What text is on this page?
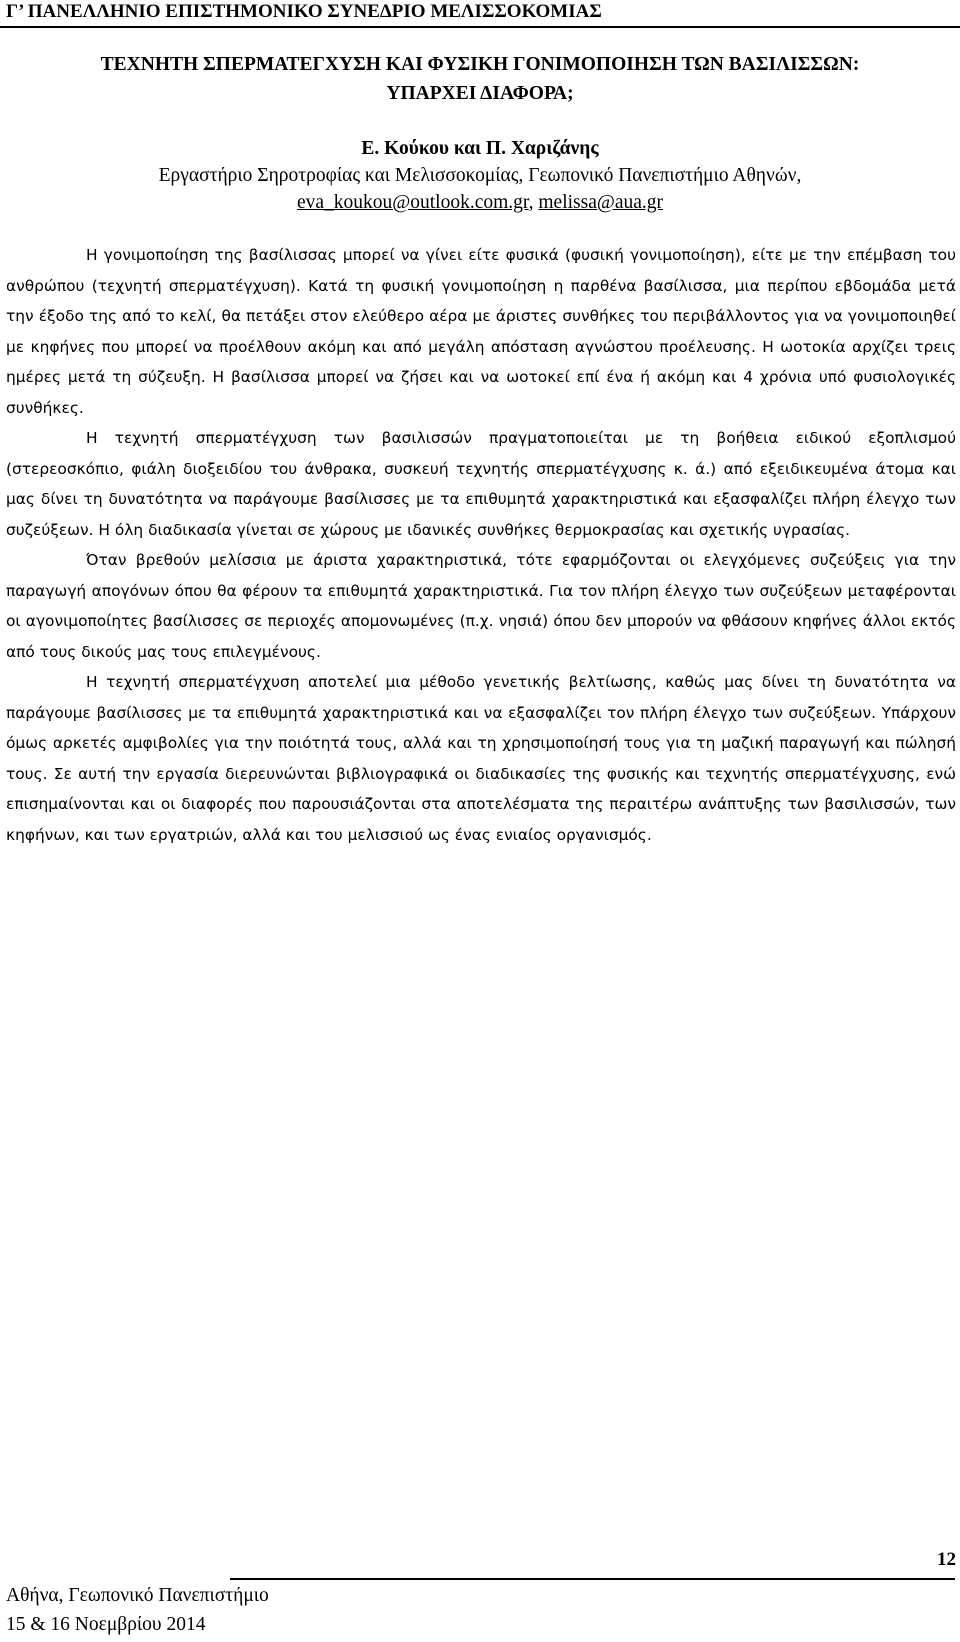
Γ’ ΠΑΝΕΛΛΗΝΙΟ ΕΠΙΣΤΗΜΟΝΙΚΟ ΣΥΝΕΔΡΙΟ ΜΕΛΙΣΣΟΚΟΜΙΑΣ
ΤΕΧΝΗΤΗ ΣΠΕΡΜΑΤΕΓΧΥΣΗ ΚΑΙ ΦΥΣΙΚΗ ΓΟΝΙΜΟΠΟΙΗΣΗ ΤΩΝ ΒΑΣΙΛΙΣΣΩΝ:
ΥΠΑΡΧΕΙ ΔΙΑΦΟΡΑ;
Ε. Κούκου και Π. Χαριζάνης
Εργαστήριο Σηροτροφίας και Μελισσοκομίας, Γεωπονικό Πανεπιστήμιο Αθηνών,
eva_koukou@outlook.com.gr, melissa@aua.gr

Η γονιμοποίηση της βασίλισσας μπορεί να γίνει είτε φυσικά (φυσική γονιμοποίηση), είτε με την επέμβαση του ανθρώπου (τεχνητή σπερματέγχυση). Κατά τη φυσική γονιμοποίηση η παρθένα βασίλισσα, μια περίπου εβδομάδα μετά την έξοδο της από το κελί, θα πετάξει στον ελεύθερο αέρα με άριστες συνθήκες του περιβάλλοντος για να γονιμοποιηθεί με κηφήνες που μπορεί να προέλθουν ακόμη και από μεγάλη απόσταση αγνώστου προέλευσης. Η ωοτοκία αρχίζει τρεις ημέρες μετά τη σύζευξη. Η βασίλισσα μπορεί να ζήσει και να ωοτοκεί επί ένα ή ακόμη και 4 χρόνια υπό φυσιολογικές συνθήκες.

Η τεχνητή σπερματέγχυση των βασιλισσών πραγματοποιείται με τη βοήθεια ειδικού εξοπλισμού (στερεοσκόπιο, φιάλη διοξειδίου του άνθρακα, συσκευή τεχνητής σπερματέγχυσης κ. ά.) από εξειδικευμένα άτομα και μας δίνει τη δυνατότητα να παράγουμε βασίλισσες με τα επιθυμητά χαρακτηριστικά και εξασφαλίζει πλήρη έλεγχο των συζεύξεων. Η όλη διαδικασία γίνεται σε χώρους με ιδανικές συνθήκες θερμοκρασίας και σχετικής υγρασίας.

Όταν βρεθούν μελίσσια με άριστα χαρακτηριστικά, τότε εφαρμόζονται οι ελεγχόμενες συζεύξεις για την παραγωγή απογόνων όπου θα φέρουν τα επιθυμητά χαρακτηριστικά. Για τον πλήρη έλεγχο των συζεύξεων μεταφέρονται οι αγονιμοποίητες βασίλισσες σε περιοχές απομονωμένες (π.χ. νησιά) όπου δεν μπορούν να φθάσουν κηφήνες άλλοι εκτός από τους δικούς μας τους επιλεγμένους.

Η τεχνητή σπερματέγχυση αποτελεί μια μέθοδο γενετικής βελτίωσης, καθώς μας δίνει τη δυνατότητα να παράγουμε βασίλισσες με τα επιθυμητά χαρακτηριστικά και να εξασφαλίζει τον πλήρη έλεγχο των συζεύξεων. Υπάρχουν όμως αρκετές αμφιβολίες για την ποιότητά τους, αλλά και τη χρησιμοποίησή τους για τη μαζική παραγωγή και πώλησή τους. Σε αυτή την εργασία διερευνώνται βιβλιογραφικά οι διαδικασίες της φυσικής και τεχνητής σπερματέγχυσης, ενώ επισημαίνονται και οι διαφορές που παρουσιάζονται στα αποτελέσματα της περαιτέρω ανάπτυξης των βασιλισσών, των κηφήνων, και των εργατριών, αλλά και του μελισσιού ως ένας ενιαίος οργανισμός.

12
Αθήνα, Γεωπονικό Πανεπιστήμιο
15 & 16 Νοεμβρίου 2014
